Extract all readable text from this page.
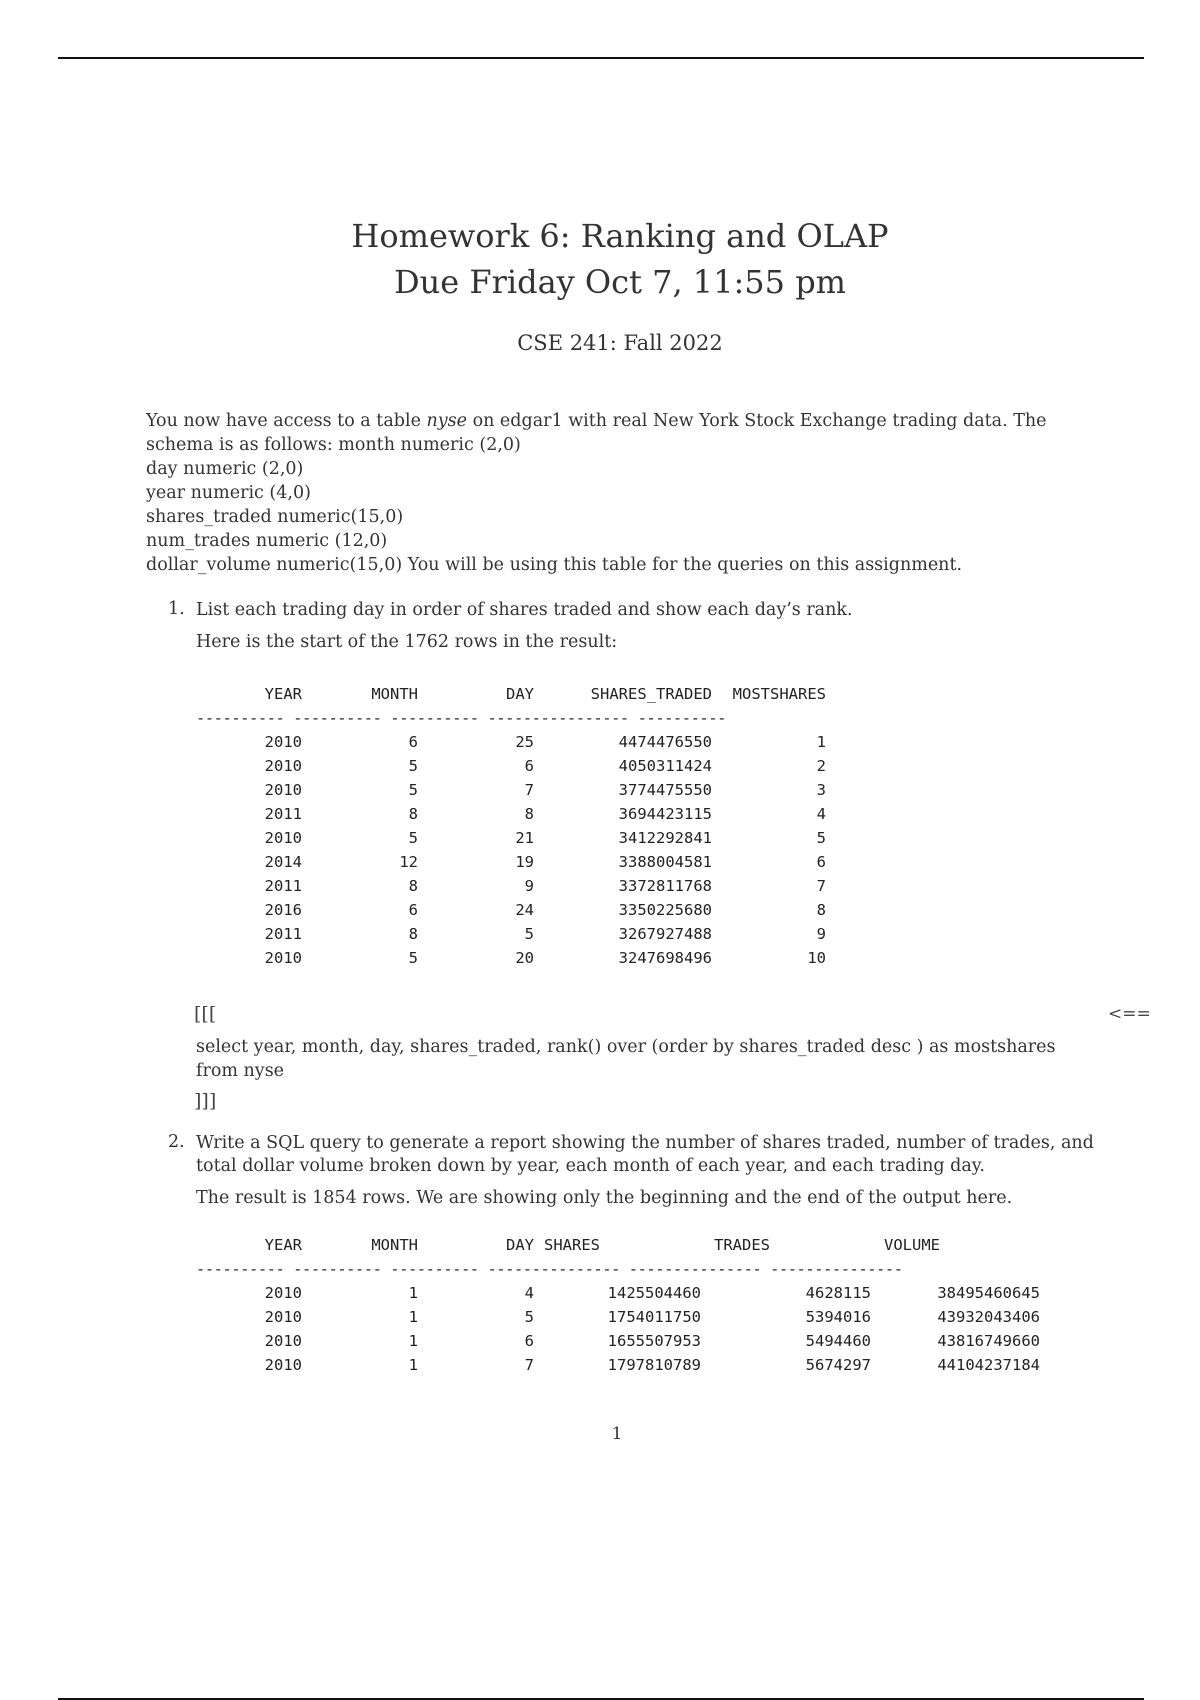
Homework 6: Ranking and OLAP
Due Friday Oct 7, 11:55 pm
CSE 241: Fall 2022
You now have access to a table nyse on edgar1 with real New York Stock Exchange trading data. The
schema is as follows: month numeric (2,0)
day numeric (2,0)
year numeric (4,0)
shares_traded numeric(15,0)
num_trades numeric (12,0)
dollar_volume numeric(15,0) You will be using this table for the queries on this assignment.
1. List each trading day in order of shares traded and show each day’s rank.
Here is the start of the 1762 rows in the result:
YEAR	MONTH	DAY	SHARES_TRADED MOSTSHARES
---------- ---------- ---------- ---------------- ----------
2010	6	25	4474476550	1
2010	5	6	4050311424	2
2010	5	7	3774475550	3
2011	8	8	3694423115	4
2010	5	21	3412292841	5
2014	12	19	3388004581	6
2011	8	9	3372811768	7
2016	6	24	3350225680	8
2011	8	5	3267927488	9
2010	5	20	3247698496	10
[[[	<==
select year, month, day, shares_traded, rank() over (order by shares_traded desc ) as mostshares
from nyse
]]]
2. Write a SQL query to generate a report showing the number of shares traded, number of trades, and
total dollar volume broken down by year, each month of each year, and each trading day.
The result is 1854 rows. We are showing only the beginning and the end of the output here.
YEAR	MONTH	DAY SHARES	TRADES	VOLUME
---------- ---------- ---------- --------------- --------------- ---------------
2010	1	4	1425504460	4628115	38495460645
2010	1	5	1754011750	5394016	43932043406
2010	1	6	1655507953	5494460	43816749660
2010	1	7	1797810789	5674297	44104237184
1
